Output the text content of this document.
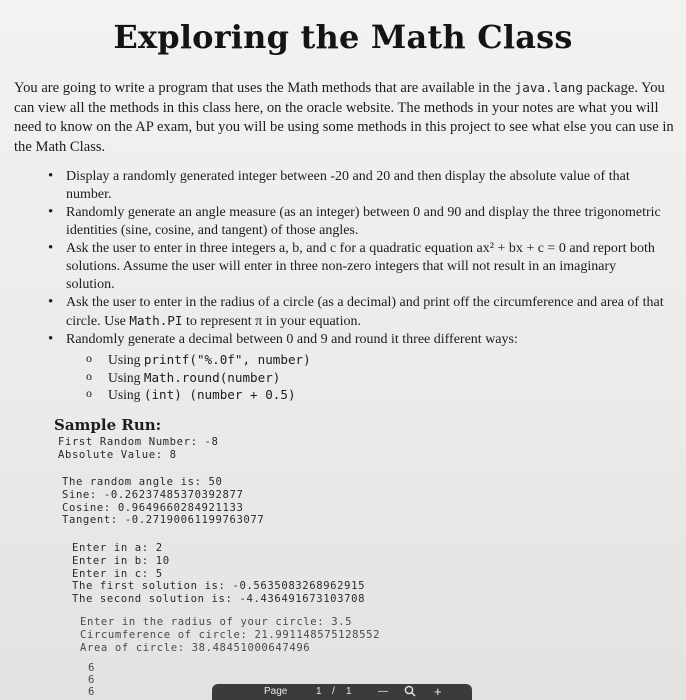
Exploring the Math Class
You are going to write a program that uses the Math methods that are available in the java.lang package. You can view all the methods in this class here, on the oracle website. The methods in your notes are what you will need to know on the AP exam, but you will be using some methods in this project to see what else you can use in the Math Class.
• Display a randomly generated integer between -20 and 20 and then display the absolute value of that number.
• Randomly generate an angle measure (as an integer) between 0 and 90 and display the three trigonometric identities (sine, cosine, and tangent) of those angles.
• Ask the user to enter in three integers a, b, and c for a quadratic equation ax² + bx + c = 0 and report both solutions. Assume the user will enter in three non-zero integers that will not result in an imaginary solution.
• Ask the user to enter in the radius of a circle (as a decimal) and print off the circumference and area of that circle. Use Math.PI to represent π in your equation.
• Randomly generate a decimal between 0 and 9 and round it three different ways:
o Using printf("%.0f", number)
o Using Math.round(number)
o Using (int) (number + 0.5)
Sample Run:
First Random Number: -8
Absolute Value: 8
The random angle is: 50
Sine: -0.26237485370392877
Cosine: 0.9649660284921133
Tangent: -0.27190061199763077
Enter in a: 2
Enter in b: 10
Enter in c: 5
The first solution is: -0.5635083268962915
The second solution is: -4.436491673103708
Enter in the radius of your circle: 3.5
Circumference of circle: 21.991148575128552
Area of circle: 38.48451000647496
6
6
6	Page	1 / 1	—	+
